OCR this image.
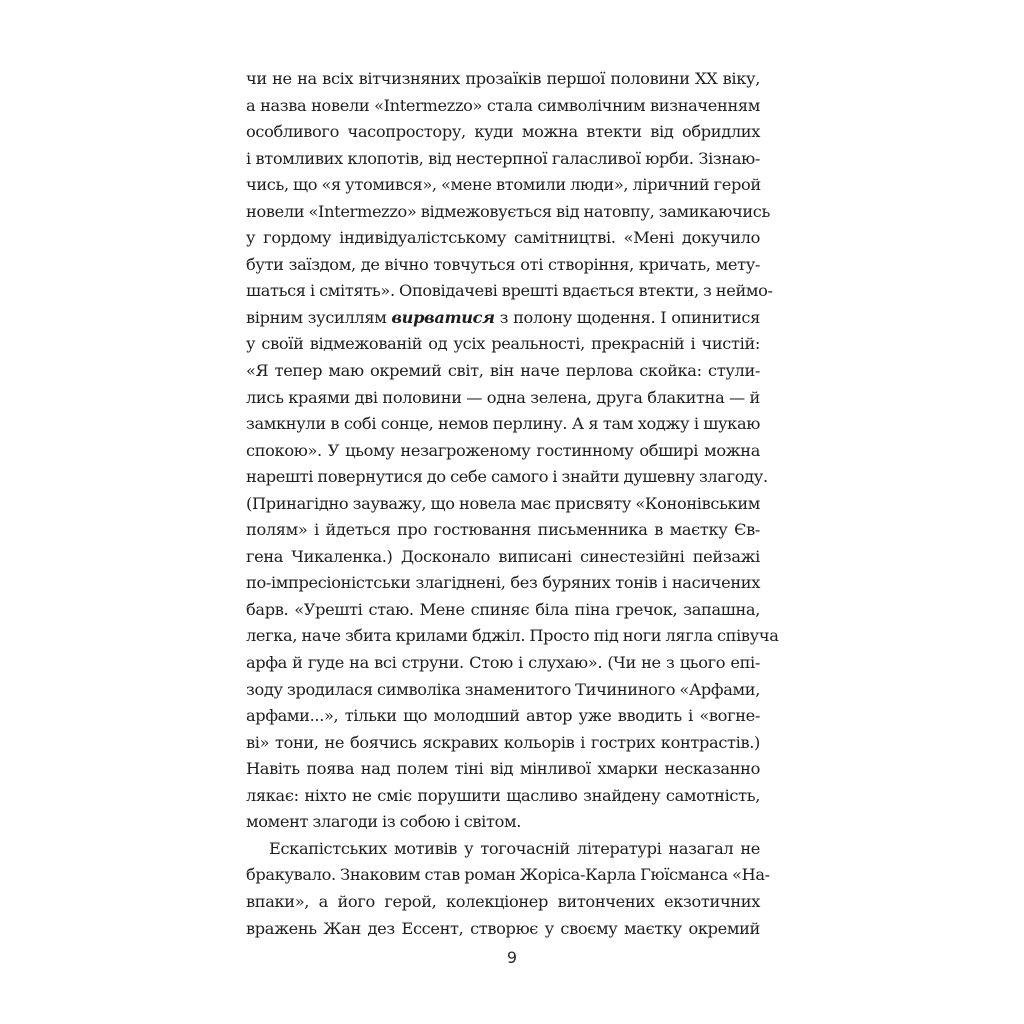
чи не на всіх вітчизняних прозаїків першої половини XX віку,
а назва новели «Intermezzo» стала символічним визначенням
особливого часопростору, куди можна втекти від обридлих
і втомливих клопотів, від нестерпної галасливої юрби. Зізнаю-
чись, що «я утомився», «мене втомили люди», ліричний герой
новели «Intermezzo» відмежовується від натовпу, замикаючись
у гордому індивідуалістському самітництві. «Мені докучило
бути заїздом, де вічно товчуться оті створіння, кричать, мету-
шаться і смітять». Оповідачеві врешті вдається втекти, з неймо-
вірним зусиллям вирватися з полону щодення. І опинитися
у своїй відмежованій од усіх реальності, прекрасній і чистій:
«Я тепер маю окремий світ, він наче перлова скойка: стули-
лись краями дві половини — одна зелена, друга блакитна — й
замкнули в собі сонце, немов перлину. А я там ходжу і шукаю
спокою». У цьому незагроженому гостинному обширі можна
нарешті повернутися до себе самого і знайти душевну злагоду.
(Принагідно зауважу, що новела має присвяту «Кононівським
полям» і йдеться про гостювання письменника в маєтку Єв-
гена Чикаленка.) Досконало виписані синестезійні пейзажі
по-імпресіоністськи злагіднені, без буряних тонів і насичених
барв. «Урешті стаю. Мене спиняє біла піна гречок, запашна,
легка, наче збита крилами бджіл. Просто під ноги лягла співуча
арфа й гуде на всі струни. Стою і слухаю». (Чи не з цього епі-
зоду зродилася символіка знаменитого Тичининого «Арфами,
арфами...», тільки що молодший автор уже вводить і «вогне-
ві» тони, не боячись яскравих кольорів і гострих контрастів.)
Навіть поява над полем тіні від мінливої хмарки несказанно
лякає: ніхто не сміє порушити щасливо знайдену самотність,
момент злагоди із собою і світом.
Ескапістських мотивів у тогочасній літературі назагал не
бракувало. Знаковим став роман Жоріса-Карла Гюїсманса «На-
впаки», а його герой, колекціонер витончених екзотичних
вражень Жан дез Ессент, створює у своєму маєтку окремий
9
